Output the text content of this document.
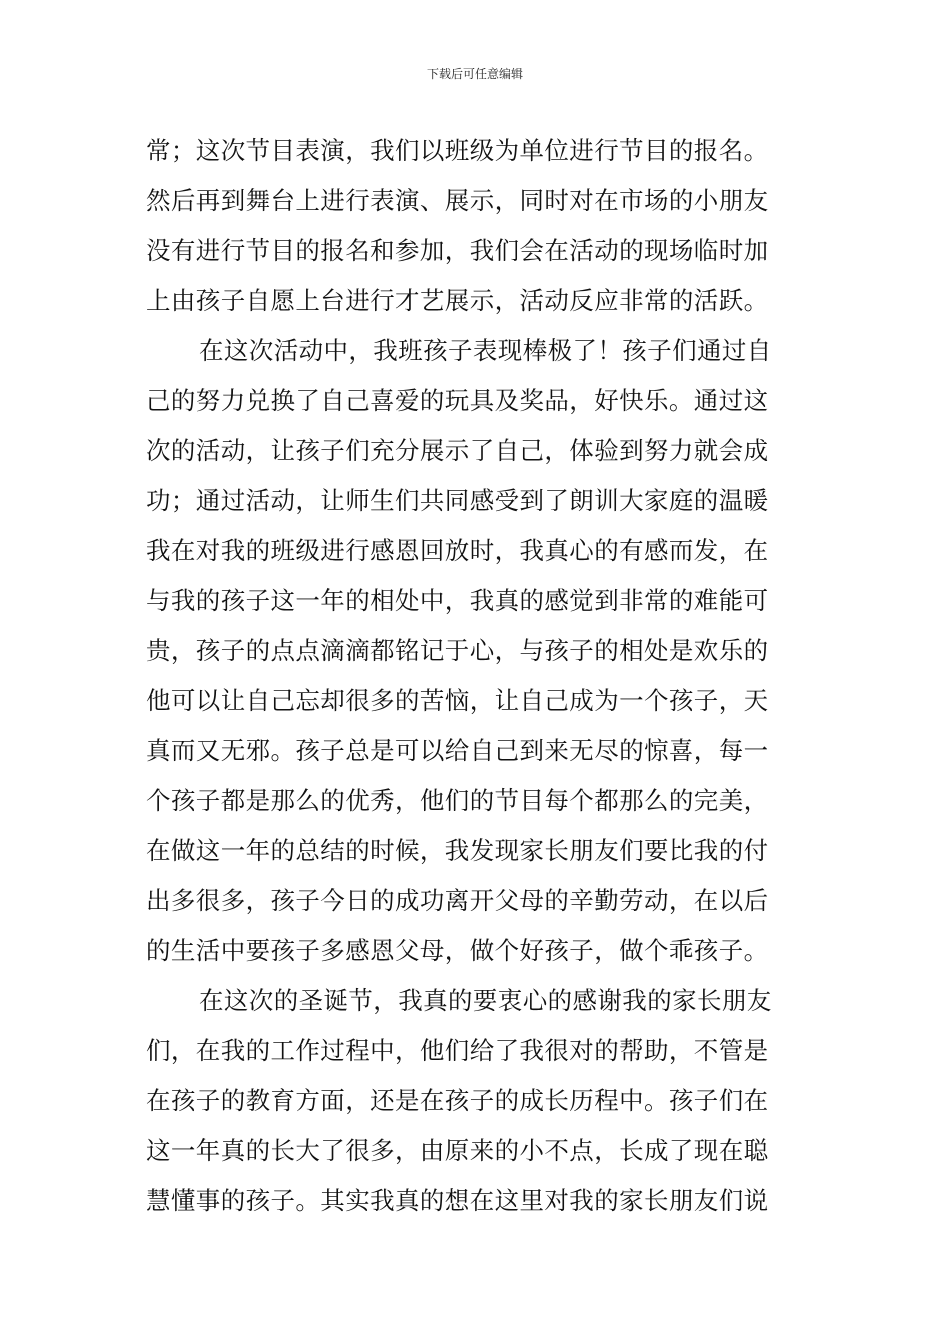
下载后可任意编辑
常；这次节目表演，我们以班级为单位进行节目的报名。
然后再到舞台上进行表演、展示，同时对在市场的小朋友
没有进行节目的报名和参加，我们会在活动的现场临时加
上由孩子自愿上台进行才艺展示，活动反应非常的活跃。
在这次活动中，我班孩子表现棒极了！孩子们通过自
己的努力兑换了自己喜爱的玩具及奖品，好快乐。通过这
次的活动，让孩子们充分展示了自己，体验到努力就会成
功；通过活动，让师生们共同感受到了朗训大家庭的温暖
我在对我的班级进行感恩回放时，我真心的有感而发，在
与我的孩子这一年的相处中，我真的感觉到非常的难能可
贵，孩子的点点滴滴都铭记于心，与孩子的相处是欢乐的
他可以让自己忘却很多的苦恼，让自己成为一个孩子，天
真而又无邪。孩子总是可以给自己到来无尽的惊喜，每一
个孩子都是那么的优秀，他们的节目每个都那么的完美，
在做这一年的总结的时候，我发现家长朋友们要比我的付
出多很多，孩子今日的成功离开父母的辛勤劳动，在以后
的生活中要孩子多感恩父母，做个好孩子，做个乖孩子。
在这次的圣诞节，我真的要衷心的感谢我的家长朋友
们，在我的工作过程中，他们给了我很对的帮助，不管是
在孩子的教育方面，还是在孩子的成长历程中。孩子们在
这一年真的长大了很多，由原来的小不点，长成了现在聪
慧懂事的孩子。其实我真的想在这里对我的家长朋友们说
